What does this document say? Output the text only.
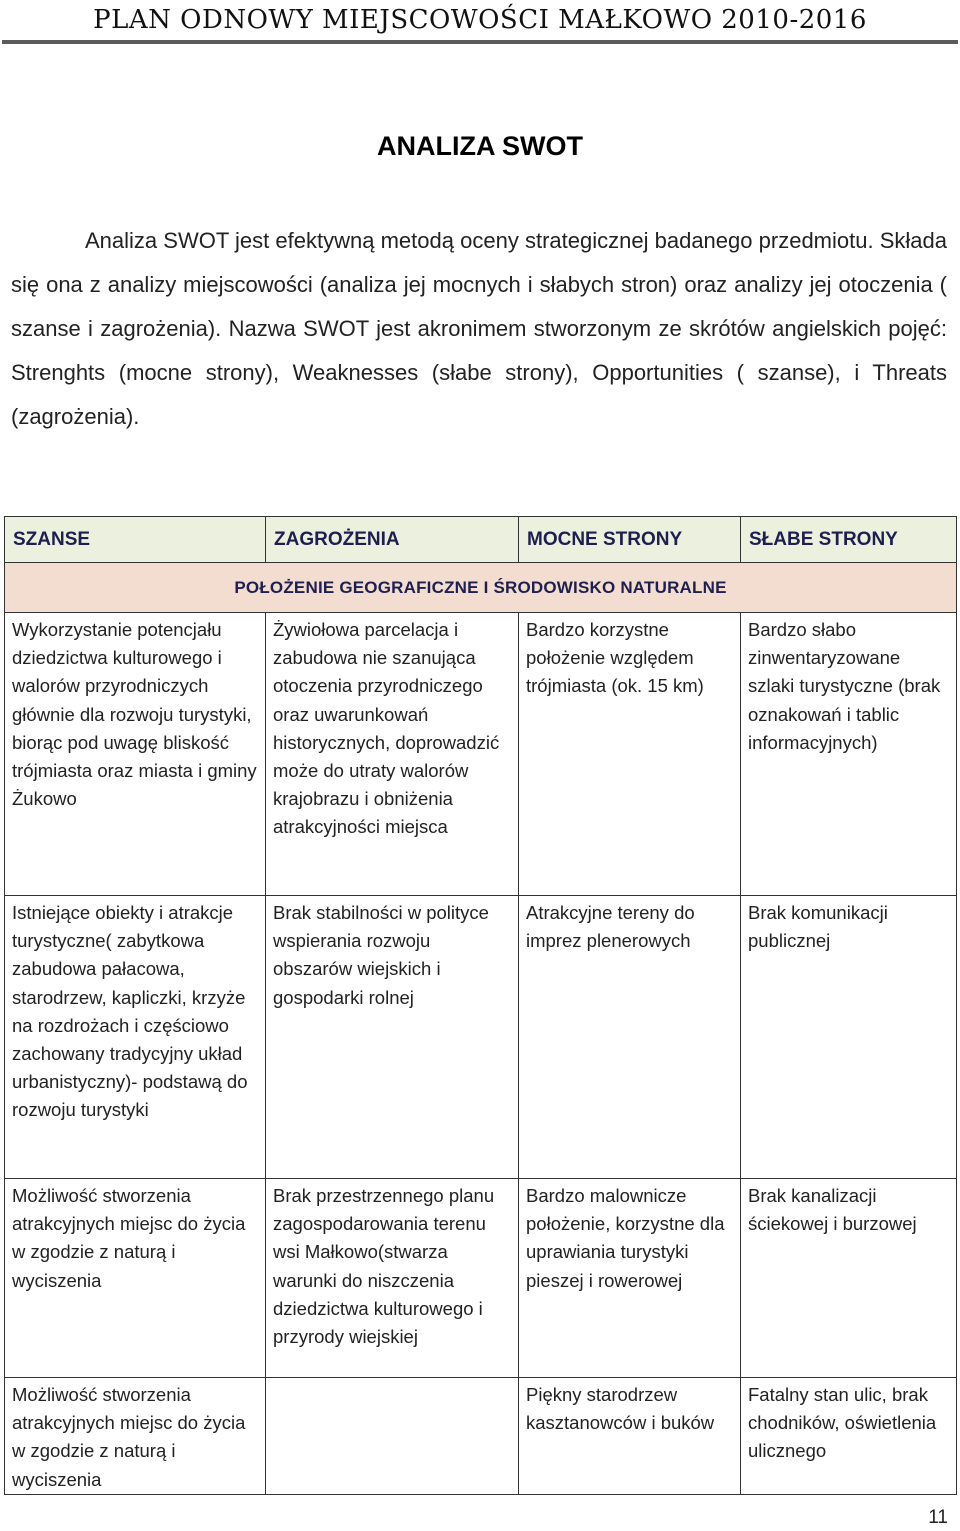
PLAN ODNOWY MIEJSCOWOŚCI MAŁKOWO 2010-2016
ANALIZA SWOT

Analiza SWOT jest efektywną metodą oceny strategicznej badanego przedmiotu. Składa się ona z analizy miejscowości (analiza jej mocnych i słabych stron) oraz analizy jej otoczenia ( szanse i zagrożenia). Nazwa SWOT jest akronimem stworzonym ze skrótów angielskich pojęć: Strenghts (mocne strony), Weaknesses (słabe strony), Opportunities ( szanse), i Threats (zagrożenia).

SZANSE	ZAGROŻENIA	MOCNE STRONY	SŁABE STRONY
POŁOŻENIE GEOGRAFICZNE I ŚRODOWISKO NATURALNE			
Wykorzystanie potencjału dziedzictwa kulturowego i walorów przyrodniczych głównie dla rozwoju turystyki, biorąc pod uwagę bliskość trójmiasta oraz miasta i gminy Żukowo	Żywiołowa parcelacja i zabudowa nie szanująca otoczenia przyrodniczego oraz uwarunkowań historycznych, doprowadzić może do utraty walorów krajobrazu i obniżenia atrakcyjności miejsca	Bardzo korzystne położenie względem trójmiasta (ok. 15 km)	Bardzo słabo zinwentaryzowane szlaki turystyczne (brak oznakowań i tablic informacyjnych)
Istniejące obiekty i atrakcje turystyczne( zabytkowa zabudowa pałacowa, starodrzew, kapliczki, krzyże na rozdrożach i częściowo zachowany tradycyjny układ urbanistyczny)- podstawą do rozwoju turystyki	Brak stabilności w polityce wspierania rozwoju obszarów wiejskich i gospodarki rolnej	Atrakcyjne tereny do imprez plenerowych	Brak komunikacji publicznej
Możliwość stworzenia atrakcyjnych miejsc do życia w zgodzie z naturą i wyciszenia	Brak przestrzennego planu zagospodarowania terenu wsi Małkowo(stwarza warunki do niszczenia dziedzictwa kulturowego i przyrody wiejskiej	Bardzo malownicze położenie, korzystne dla uprawiania turystyki pieszej i rowerowej	Brak kanalizacji ściekowej i burzowej
Możliwość stworzenia atrakcyjnych miejsc do życia w zgodzie z naturą i wyciszenia		Piękny starodrzew kasztanowców i buków	Fatalny stan ulic, brak chodników, oświetlenia ulicznego
11
